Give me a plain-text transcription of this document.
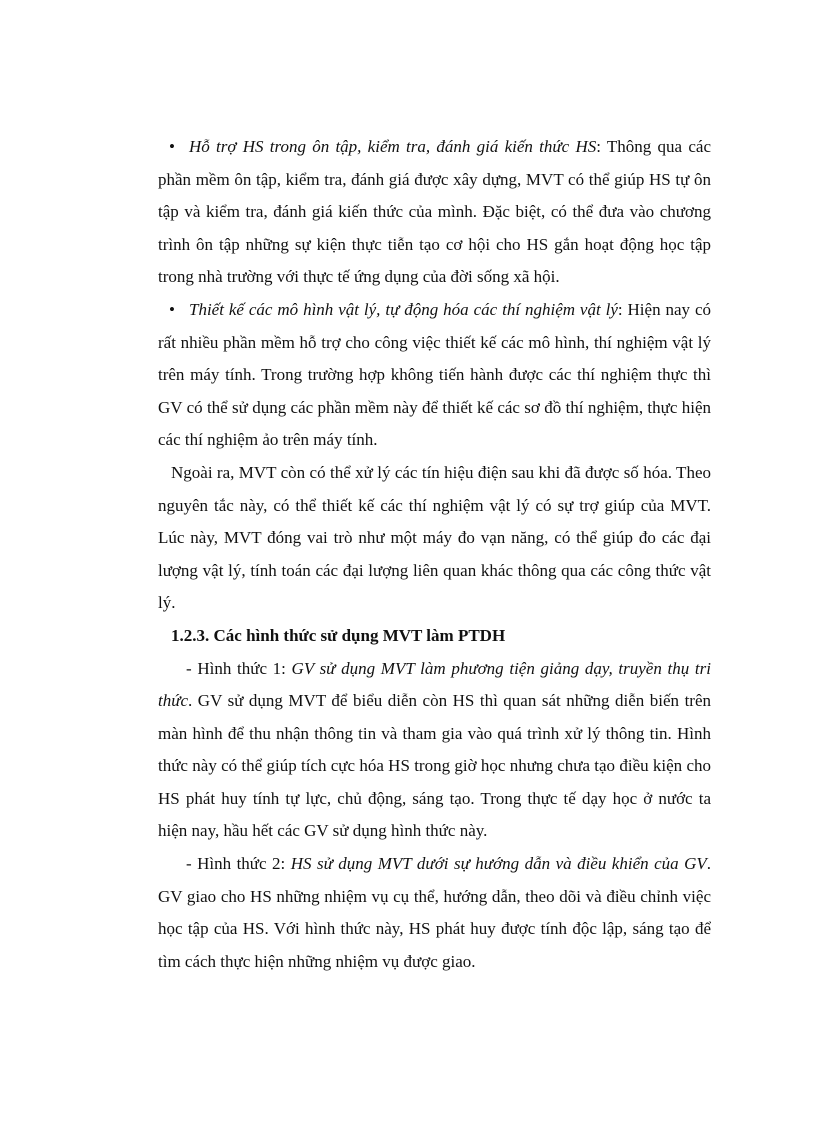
• Hỗ trợ HS trong ôn tập, kiểm tra, đánh giá kiến thức HS: Thông qua các phần mềm ôn tập, kiểm tra, đánh giá được xây dựng, MVT có thể giúp HS tự ôn tập và kiểm tra, đánh giá kiến thức của mình. Đặc biệt, có thể đưa vào chương trình ôn tập những sự kiện thực tiễn tạo cơ hội cho HS gắn hoạt động học tập trong nhà trường với thực tế ứng dụng của đời sống xã hội.

• Thiết kế các mô hình vật lý, tự động hóa các thí nghiệm vật lý: Hiện nay có rất nhiều phần mềm hỗ trợ cho công việc thiết kế các mô hình, thí nghiệm vật lý trên máy tính. Trong trường hợp không tiến hành được các thí nghiệm thực thì GV có thể sử dụng các phần mềm này để thiết kế các sơ đồ thí nghiệm, thực hiện các thí nghiệm ảo trên máy tính.

Ngoài ra, MVT còn có thể xử lý các tín hiệu điện sau khi đã được số hóa. Theo nguyên tắc này, có thể thiết kế các thí nghiệm vật lý có sự trợ giúp của MVT. Lúc này, MVT đóng vai trò như một máy đo vạn năng, có thể giúp đo các đại lượng vật lý, tính toán các đại lượng liên quan khác thông qua các công thức vật lý.

1.2.3. Các hình thức sử dụng MVT làm PTDH

- Hình thức 1: GV sử dụng MVT làm phương tiện giảng dạy, truyền thụ tri thức. GV sử dụng MVT để biểu diễn còn HS thì quan sát những diễn biến trên màn hình để thu nhận thông tin và tham gia vào quá trình xử lý thông tin. Hình thức này có thể giúp tích cực hóa HS trong giờ học nhưng chưa tạo điều kiện cho HS phát huy tính tự lực, chủ động, sáng tạo. Trong thực tế dạy học ở nước ta hiện nay, hầu hết các GV sử dụng hình thức này.

- Hình thức 2: HS sử dụng MVT dưới sự hướng dẫn và điều khiển của GV. GV giao cho HS những nhiệm vụ cụ thể, hướng dẫn, theo dõi và điều chỉnh việc học tập của HS. Với hình thức này, HS phát huy được tính độc lập, sáng tạo để tìm cách thực hiện những nhiệm vụ được giao.
